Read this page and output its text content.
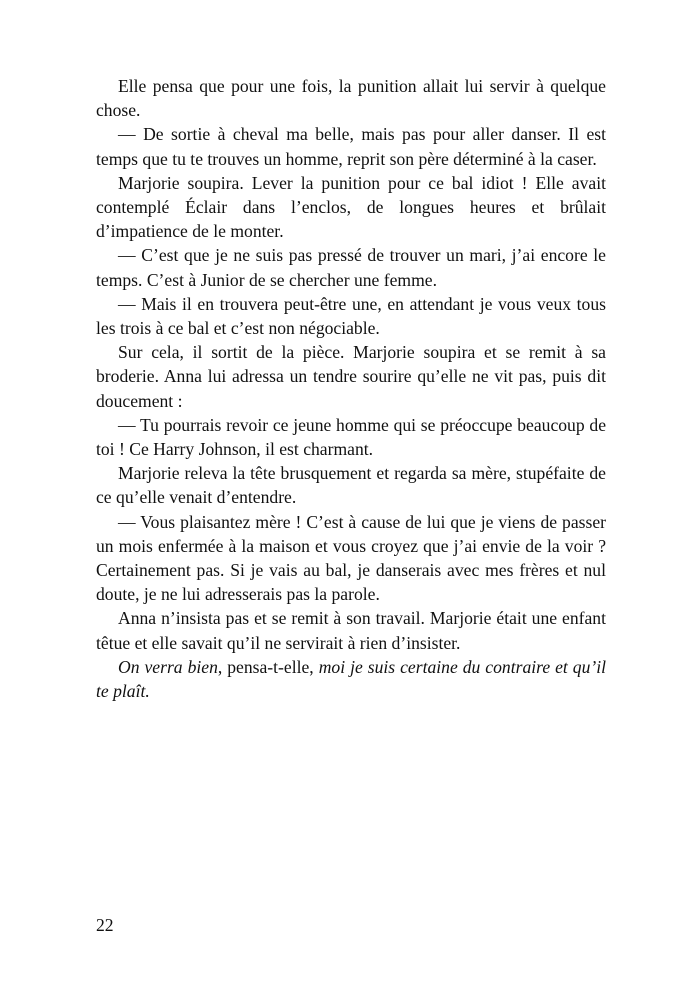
Elle pensa que pour une fois, la punition allait lui servir à quelque chose.

— De sortie à cheval ma belle, mais pas pour aller danser. Il est temps que tu te trouves un homme, reprit son père déterminé à la caser.

Marjorie soupira. Lever la punition pour ce bal idiot ! Elle avait contemplé Éclair dans l’enclos, de longues heures et brûlait d’impatience de le monter.

— C’est que je ne suis pas pressé de trouver un mari, j’ai encore le temps. C’est à Junior de se chercher une femme.

— Mais il en trouvera peut-être une, en attendant je vous veux tous les trois à ce bal et c’est non négociable.

Sur cela, il sortit de la pièce. Marjorie soupira et se remit à sa broderie. Anna lui adressa un tendre sourire qu’elle ne vit pas, puis dit doucement :

— Tu pourrais revoir ce jeune homme qui se préoccupe beaucoup de toi ! Ce Harry Johnson, il est charmant.

Marjorie releva la tête brusquement et regarda sa mère, stupéfaite de ce qu’elle venait d’entendre.

— Vous plaisantez mère ! C’est à cause de lui que je viens de passer un mois enfermée à la maison et vous croyez que j’ai envie de la voir ? Certainement pas. Si je vais au bal, je danserais avec mes frères et nul doute, je ne lui adresserais pas la parole.

Anna n’insista pas et se remit à son travail. Marjorie était une enfant têtue et elle savait qu’il ne servirait à rien d’insister.

On verra bien, pensa-t-elle, moi je suis certaine du contraire et qu’il te plaît.

22
